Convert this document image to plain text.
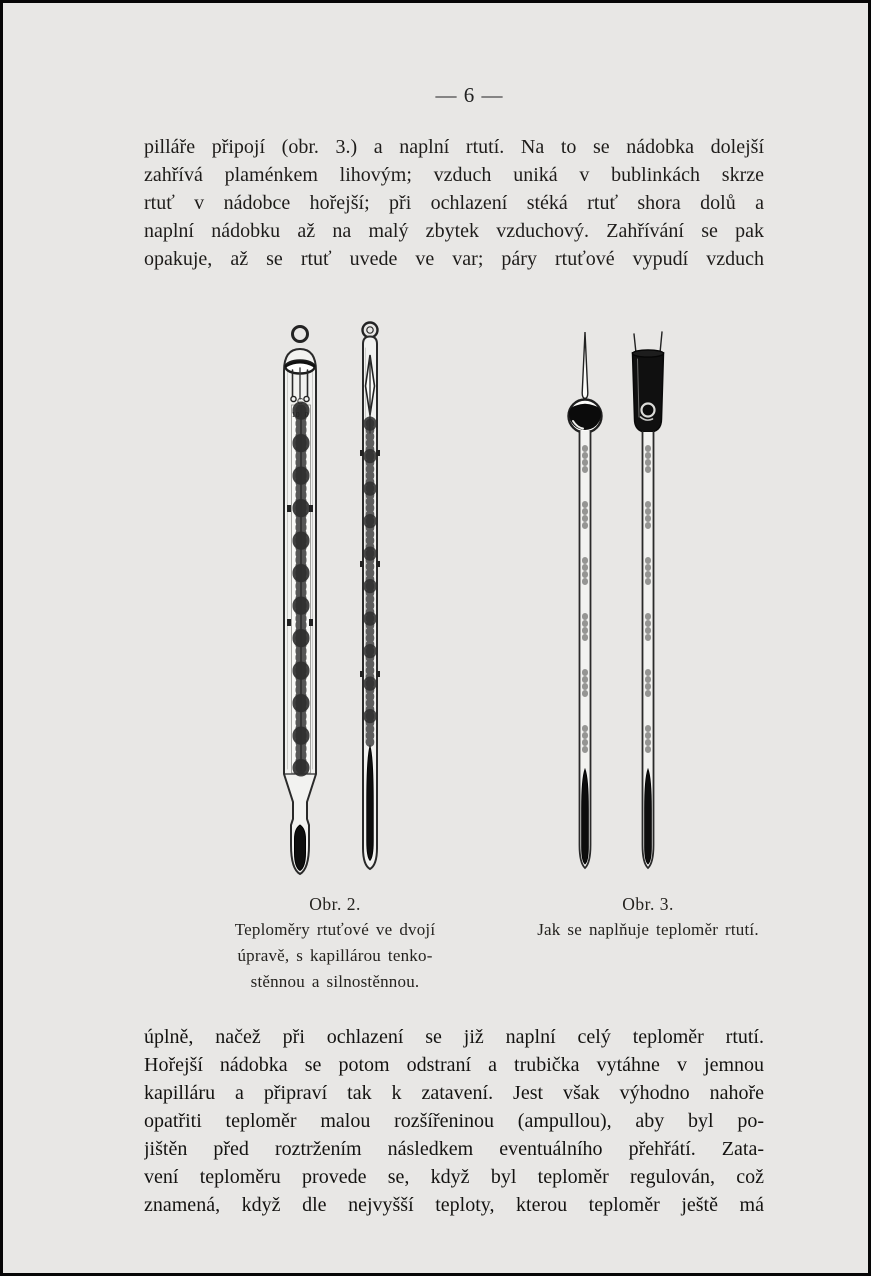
— 6 —
pilláře připojí (obr. 3.) a naplní rtutí. Na to se nádobka dolejší
zahřívá plaménkem lihovým; vzduch uniká v bublinkách skrze
rtuť v nádobce hořejší; při ochlazení stéká rtuť shora dolů a
naplní nádobku až na malý zbytek vzduchový. Zahřívání se pak
opakuje, až se rtuť uvede ve var; páry rtuťové vypudí vzduch
C
10 0
Obr. 2.
Teploměry rtuťové ve dvojí
úpravě, s kapillárou tenko-
stěnnou a silnostěnnou.
Obr. 3.
Jak se naplňuje teploměr rtutí.
úplně, načež při ochlazení se již naplní celý teploměr rtutí.
Hořejší nádobka se potom odstraní a trubička vytáhne v jemnou
kapilláru a připraví tak k zatavení. Jest však výhodno nahoře
opatřiti teploměr malou rozšířeninou (ampullou), aby byl po-
jištěn před roztržením následkem eventuálního přehřátí. Zata-
vení teploměru provede se, když byl teploměr regulován, což
znamená, když dle nejvyšší teploty, kterou teploměr ještě má
